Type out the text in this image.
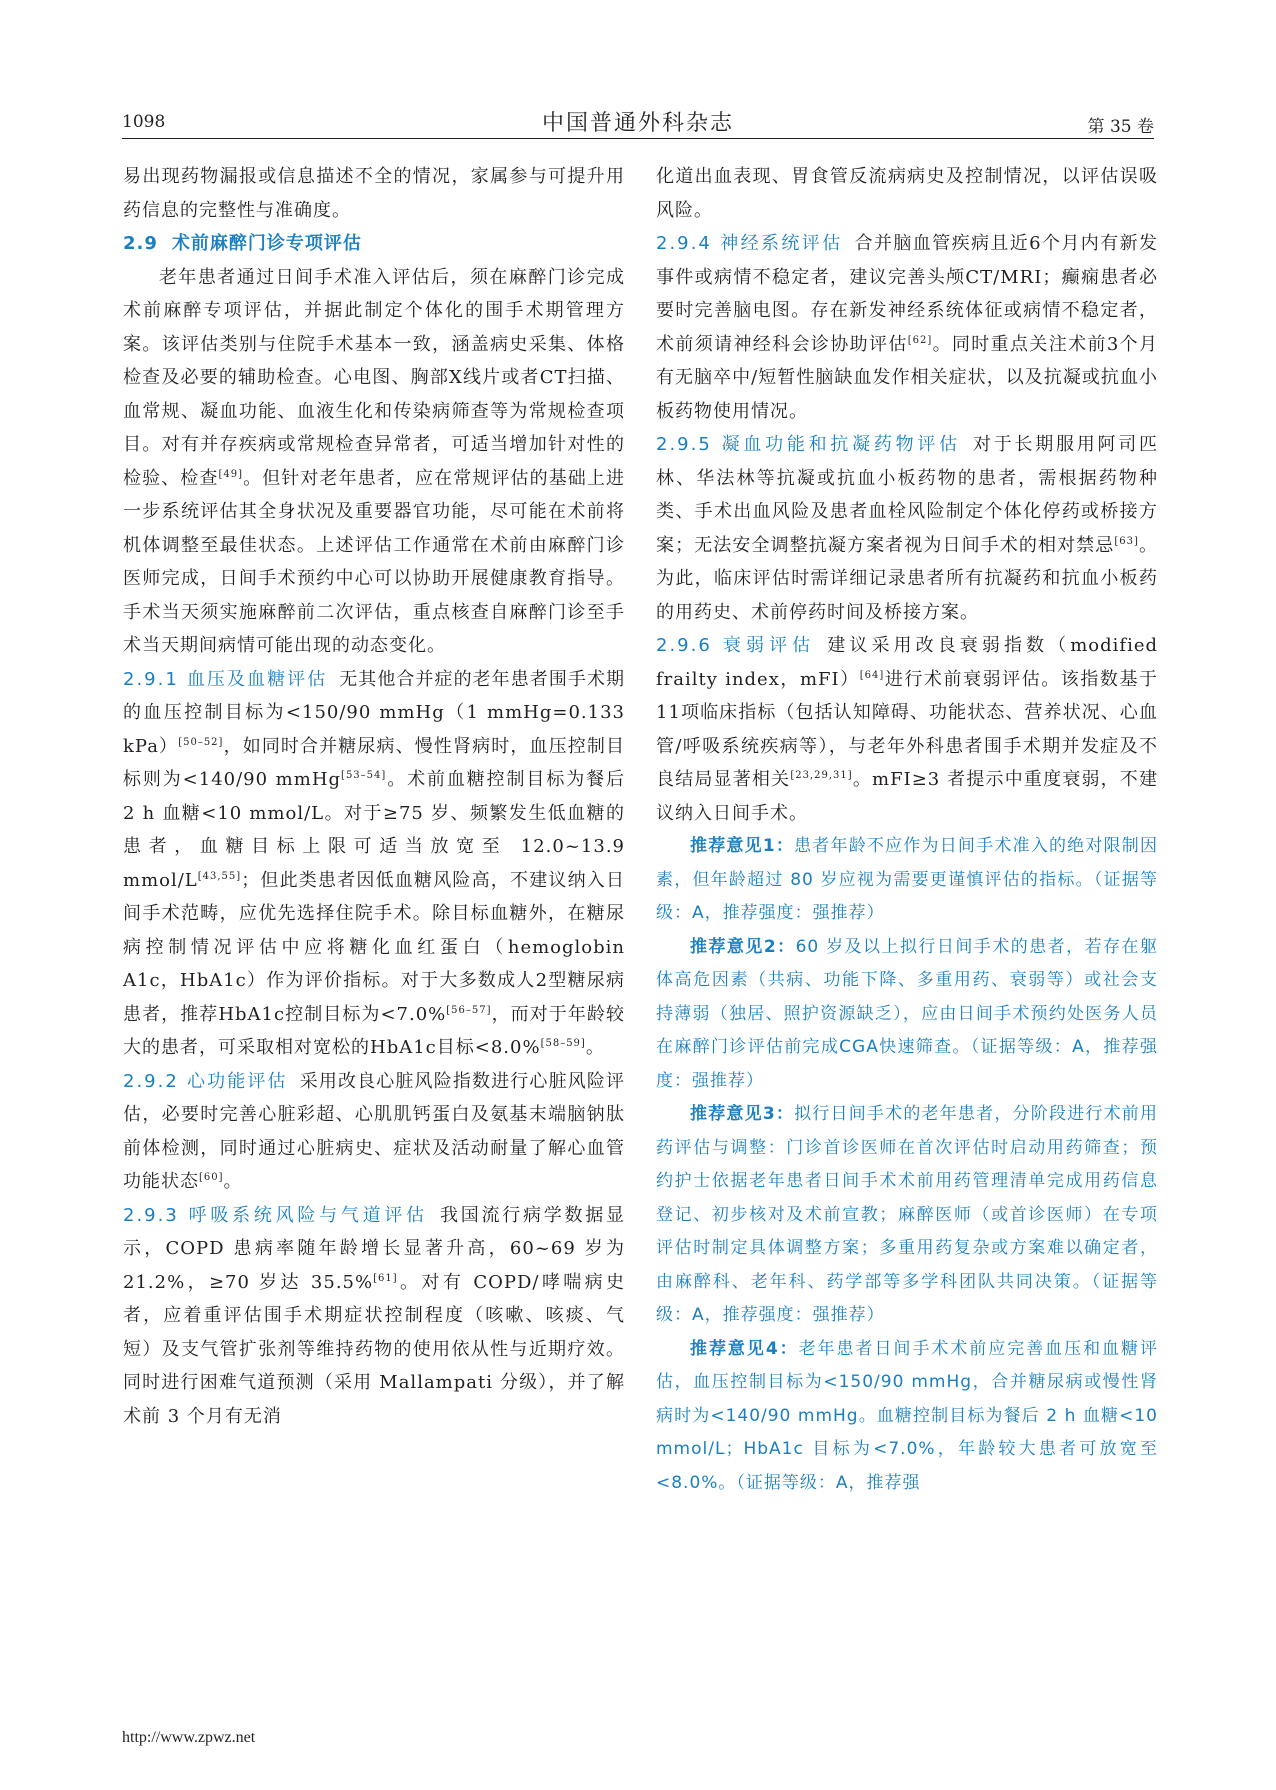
1098	中国普通外科杂志	第 35 卷

易出现药物漏报或信息描述不全的情况，家属参与可提升用药信息的完整性与准确度。

2.9 术前麻醉门诊专项评估

老年患者通过日间手术准入评估后，须在麻醉门诊完成术前麻醉专项评估，并据此制定个体化的围手术期管理方案。该评估类别与住院手术基本一致，涵盖病史采集、体格检查及必要的辅助检查。心电图、胸部X线片或者CT扫描、血常规、凝血功能、血液生化和传染病筛查等为常规检查项目。对有并存疾病或常规检查异常者，可适当增加针对性的检验、检查[49]。但针对老年患者，应在常规评估的基础上进一步系统评估其全身状况及重要器官功能，尽可能在术前将机体调整至最佳状态。上述评估工作通常在术前由麻醉门诊医师完成，日间手术预约中心可以协助开展健康教育指导。手术当天须实施麻醉前二次评估，重点核查自麻醉门诊至手术当天期间病情可能出现的动态变化。

2.9.1 血压及血糖评估 无其他合并症的老年患者围手术期的血压控制目标为<150/90 mmHg（1 mmHg=0.133 kPa）[50–52]，如同时合并糖尿病、慢性肾病时，血压控制目标则为<140/90 mmHg[53–54]。术前血糖控制目标为餐后 2 h 血糖<10 mmol/L。对于≥75 岁、频繁发生低血糖的患者，血糖目标上限可适当放宽至 12.0~13.9 mmol/L[43,55]；但此类患者因低血糖风险高，不建议纳入日间手术范畴，应优先选择住院手术。除目标血糖外，在糖尿病控制情况评估中应将糖化血红蛋白（hemoglobin A1c，HbA1c）作为评价指标。对于大多数成人2型糖尿病患者，推荐HbA1c控制目标为<7.0%[56–57]，而对于年龄较大的患者，可采取相对宽松的HbA1c目标<8.0%[58–59]。

2.9.2 心功能评估 采用改良心脏风险指数进行心脏风险评估，必要时完善心脏彩超、心肌肌钙蛋白及氨基末端脑钠肽前体检测，同时通过心脏病史、症状及活动耐量了解心血管功能状态[60]。

2.9.3 呼吸系统风险与气道评估 我国流行病学数据显示，COPD 患病率随年龄增长显著升高，60~69 岁为 21.2%，≥70 岁达 35.5%[61]。对有 COPD/哮喘病史者，应着重评估围手术期症状控制程度（咳嗽、咳痰、气短）及支气管扩张剂等维持药物的使用依从性与近期疗效。同时进行困难气道预测（采用 Mallampati 分级），并了解术前 3 个月有无消

化道出血表现、胃食管反流病病史及控制情况，以评估误吸风险。

2.9.4 神经系统评估 合并脑血管疾病且近6个月内有新发事件或病情不稳定者，建议完善头颅CT/MRI；癫痫患者必要时完善脑电图。存在新发神经系统体征或病情不稳定者，术前须请神经科会诊协助评估[62]。同时重点关注术前3个月有无脑卒中/短暂性脑缺血发作相关症状，以及抗凝或抗血小板药物使用情况。

2.9.5 凝血功能和抗凝药物评估 对于长期服用阿司匹林、华法林等抗凝或抗血小板药物的患者，需根据药物种类、手术出血风险及患者血栓风险制定个体化停药或桥接方案；无法安全调整抗凝方案者视为日间手术的相对禁忌[63]。为此，临床评估时需详细记录患者所有抗凝药和抗血小板药的用药史、术前停药时间及桥接方案。

2.9.6 衰弱评估 建议采用改良衰弱指数（modified frailty index，mFI）[64]进行术前衰弱评估。该指数基于11项临床指标（包括认知障碍、功能状态、营养状况、心血管/呼吸系统疾病等），与老年外科患者围手术期并发症及不良结局显著相关[23,29,31]。mFI≥3 者提示中重度衰弱，不建议纳入日间手术。

推荐意见1：患者年龄不应作为日间手术准入的绝对限制因素，但年龄超过 80 岁应视为需要更谨慎评估的指标。（证据等级：A，推荐强度：强推荐）

推荐意见2：60 岁及以上拟行日间手术的患者，若存在躯体高危因素（共病、功能下降、多重用药、衰弱等）或社会支持薄弱（独居、照护资源缺乏），应由日间手术预约处医务人员在麻醉门诊评估前完成CGA快速筛查。（证据等级：A，推荐强度：强推荐）

推荐意见3：拟行日间手术的老年患者，分阶段进行术前用药评估与调整：门诊首诊医师在首次评估时启动用药筛查；预约护士依据老年患者日间手术术前用药管理清单完成用药信息登记、初步核对及术前宣教；麻醉医师（或首诊医师）在专项评估时制定具体调整方案；多重用药复杂或方案难以确定者，由麻醉科、老年科、药学部等多学科团队共同决策。（证据等级：A，推荐强度：强推荐）

推荐意见4：老年患者日间手术术前应完善血压和血糖评估，血压控制目标为<150/90 mmHg，合并糖尿病或慢性肾病时为<140/90 mmHg。血糖控制目标为餐后 2 h 血糖<10 mmol/L；HbA1c 目标为<7.0%，年龄较大患者可放宽至<8.0%。（证据等级：A，推荐强

http://www.zpwz.net
